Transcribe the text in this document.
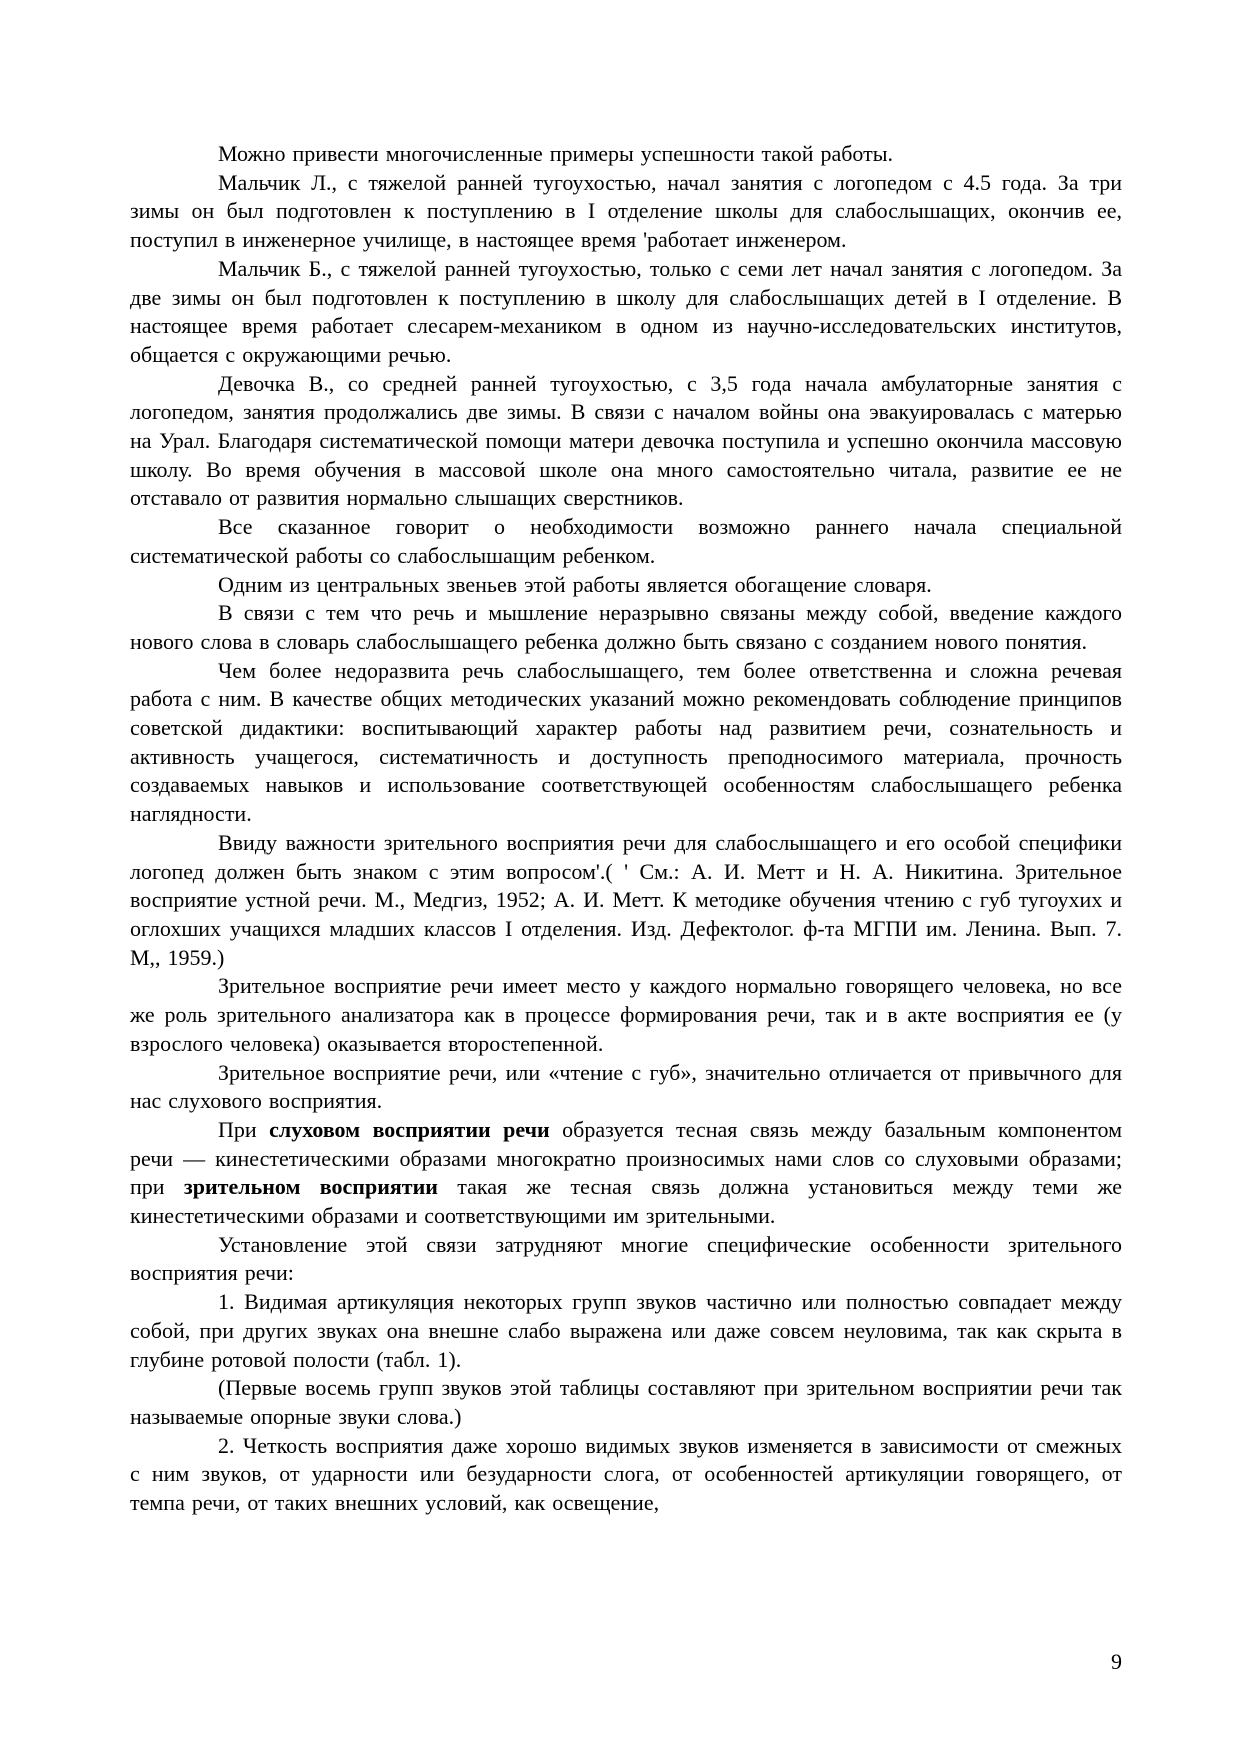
Можно привести многочисленные примеры успешности такой работы.

Мальчик Л., с тяжелой ранней тугоухостью, начал занятия с логопедом с 4.5 года. За три зимы он был подготовлен к поступлению в I отделение школы для слабослышащих, окончив ее, поступил в инженерное училище, в настоящее время 'работает инженером.

Мальчик Б., с тяжелой ранней тугоухостью, только с семи лет начал занятия с логопедом. За две зимы он был подготовлен к поступлению в школу для слабослышащих детей в I отделение. В настоящее время работает слесарем-механиком в одном из научно-исследовательских институтов, общается с окружающими речью.

Девочка В., со средней ранней тугоухостью, с 3,5 года начала амбулаторные занятия с логопедом, занятия продолжались две зимы. В связи с началом войны она эвакуировалась с матерью на Урал. Благодаря систематической помощи матери девочка поступила и успешно окончила массовую школу. Во время обучения в массовой школе она много самостоятельно читала, развитие ее не отставало от развития нормально слышащих сверстников.

Все сказанное говорит о необходимости возможно раннего начала специальной систематической работы со слабослышащим ребенком.

Одним из центральных звеньев этой работы является обогащение словаря.

В связи с тем что речь и мышление неразрывно связаны между собой, введение каждого нового слова в словарь слабослышащего ребенка должно быть связано с созданием нового понятия.

Чем более недоразвита речь слабослышащего, тем более ответственна и сложна речевая работа с ним. В качестве общих методических указаний можно рекомендовать соблюдение принципов советской дидактики: воспитывающий характер работы над развитием речи, сознательность и активность учащегося, систематичность и доступность преподносимого материала, прочность создаваемых навыков и использование соответствующей особенностям слабослышащего ребенка наглядности.

Ввиду важности зрительного восприятия речи для слабослышащего и его особой специфики логопед должен быть знаком с этим вопросом'.( ' См.: А. И. Метт и Н. А. Никитина. Зрительное восприятие устной речи. М., Медгиз, 1952; А. И. Метт. К методике обучения чтению с губ тугоухих и оглохших учащихся младших классов I отделения. Изд. Дефектолог. ф-та МГПИ им. Ленина. Вып. 7. М,, 1959.)

Зрительное восприятие речи имеет место у каждого нормально говорящего человека, но все же роль зрительного анализатора как в процессе формирования речи, так и в акте восприятия ее (у взрослого человека) оказывается второстепенной.

Зрительное восприятие речи, или «чтение с губ», значительно отличается от привычного для нас слухового восприятия.

При слуховом восприятии речи образуется тесная связь между базальным компонентом речи — кинестетическими образами многократно произносимых нами слов со слуховыми образами; при зрительном восприятии такая же тесная связь должна установиться между теми же кинестетическими образами и соответствующими им зрительными.

Установление этой связи затрудняют многие специфические особенности зрительного восприятия речи:

1. Видимая артикуляция некоторых групп звуков частично или полностью совпадает между собой, при других звуках она внешне слабо выражена или даже совсем неуловима, так как скрыта в глубине ротовой полости (табл. 1).

(Первые восемь групп звуков этой таблицы составляют при зрительном восприятии речи так называемые опорные звуки слова.)

2. Четкость восприятия даже хорошо видимых звуков изменяется в зависимости от смежных с ним звуков, от ударности или безударности слога, от особенностей артикуляции говорящего, от темпа речи, от таких внешних условий, как освещение,

9
